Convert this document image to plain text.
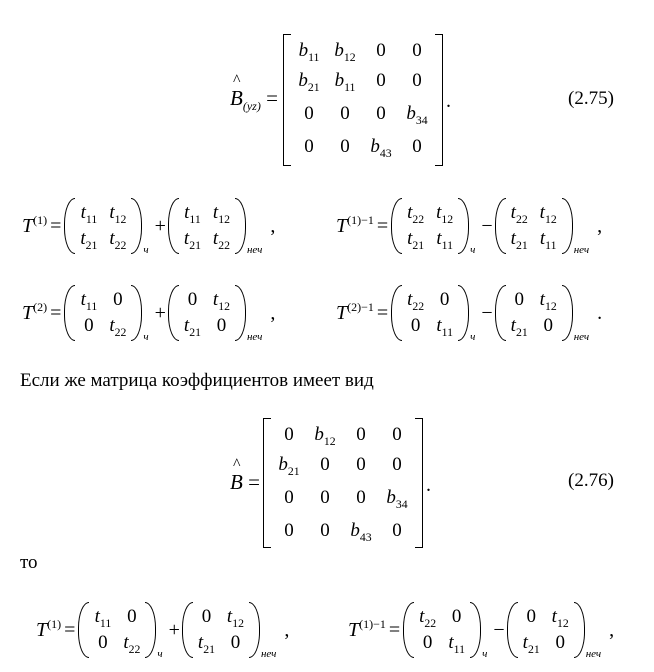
^
$B_{(yz)}$ =
$b_{11}$ $b_{12}$	0	0
$b_{21}$ $b_{11}$	0	0
0	0	0	$b_{34}$
0	0	$b_{43}$	0
.	(2.75)
$T^{(1)}$ =
$t_{11}$ $t_{12}$
$t_{21}$ $t_{22}$	ч
+
$t_{11}$ $t_{12}$
$t_{21}$ $t_{22}$	неч
,	$T^{(1)-1}$ =
$t_{22}$ $t_{12}$
$t_{21}$ $t_{11}$	ч
−
$t_{22}$ $t_{12}$
$t_{21}$ $t_{11}$	неч
,
$T^{(2)}$ =
$t_{11}$ 0
0 $t_{22}$	ч
+
0 $t_{12}$
$t_{21}$ 0
неч
,	$T^{(2)-1}$ =
$t_{22}$ 0
0 $t_{11}$	ч
−
0 $t_{12}$
$t_{21}$ 0
неч
.
Если же матрица коэффициентов имеет вид
^
B =
0	$b_{12}$	0	0
$b_{21}$	0	0	0
0	0	0	$b_{34}$
0	0	$b_{43}$	0
.	(2.76)
то
$T^{(1)}$ =
$t_{11}$ 0
0 $t_{22}$	ч
+
0 $t_{12}$
$t_{21}$ 0
неч
,	$T^{(1)-1}$ =
$t_{22}$ 0
0 $t_{11}$	ч
−
0 $t_{12}$
$t_{21}$ 0
неч
,
